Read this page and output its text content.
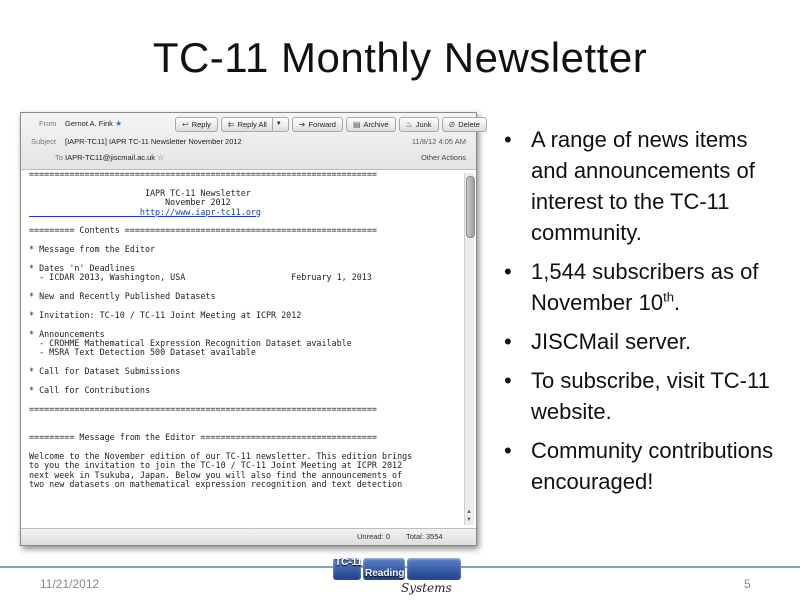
TC-11 Monthly Newsletter
From Gernot A. Fink ★	↩ Reply ⇇ Reply All	▼ ➜ Forward ▤ Archive ♨ Junk ⊘ Delete
Subject [IAPR-TC11] IAPR TC-11 Newsletter November 2012	11/8/12 4:05 AM
To IAPR-TC11@jiscmail.ac.uk ☆	Other Actions
=====================================================================

IAPR TC-11 Newsletter
November 2012
http://www.iapr-tc11.org

========= Contents ==================================================

* Message from the Editor

* Dates 'n' Deadlines
- ICDAR 2013, Washington, USA                     February 1, 2013

* New and Recently Published Datasets

* Invitation: TC-10 / TC-11 Joint Meeting at ICPR 2012

* Announcements
- CROHME Mathematical Expression Recognition Dataset available
- MSRA Text Detection 500 Dataset available

* Call for Dataset Submissions

* Call for Contributions

=====================================================================

========= Message from the Editor ===================================

Welcome to the November edition of our TC-11 newsletter. This edition brings
to you the invitation to join the TC-10 / TC-11 Joint Meeting at ICPR 2012
next week in Tsukuba, Japan. Below you will also find the announcements of
two new datasets on mathematical expression recognition and text detection
▲
▼
Unread: 0 Total: 3554
• A range of news items and announcements of interest to the TC-11 community.
• 1,544 subscribers as of November 10th.
• JISCMail server.
• To subscribe, visit TC-11 website.
• Community contributions encouraged!
11/21/2012	5
TC-11
Reading
Systems
